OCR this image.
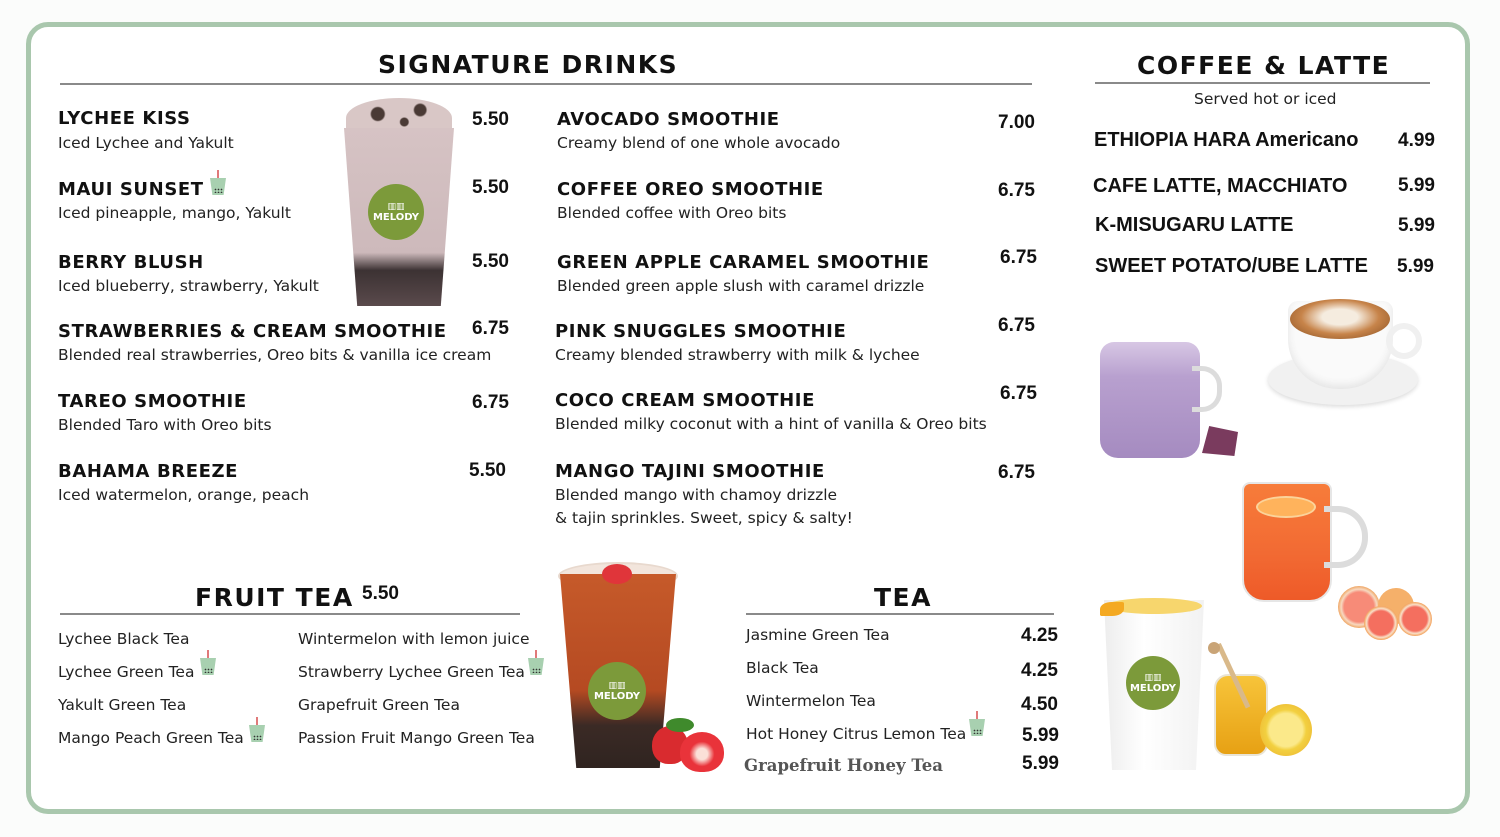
SIGNATURE DRINKS
LYCHEE KISS
Iced Lychee and Yakult
5.50
MAUI SUNSET
Iced pineapple, mango, Yakult
5.50
BERRY BLUSH
Iced blueberry, strawberry, Yakult
5.50
STRAWBERRIES & CREAM SMOOTHIE
Blended real strawberries, Oreo bits & vanilla ice cream
6.75
TAREO SMOOTHIE
Blended Taro with Oreo bits
6.75
BAHAMA BREEZE
Iced watermelon, orange, peach
5.50
▥▥
MELODY
AVOCADO SMOOTHIE
Creamy blend of one whole avocado
7.00
COFFEE OREO SMOOTHIE
Blended coffee with Oreo bits
6.75
GREEN APPLE CARAMEL SMOOTHIE
Blended green apple slush with caramel drizzle
6.75
PINK SNUGGLES SMOOTHIE
Creamy blended strawberry with milk & lychee
6.75
COCO CREAM SMOOTHIE
Blended milky coconut with a hint of vanilla & Oreo bits
6.75
MANGO TAJINI SMOOTHIE
Blended mango with chamoy drizzle
& tajin sprinkles. Sweet, spicy & salty!
6.75
COFFEE & LATTE
Served hot or iced
ETHIOPIA HARA Americano 4.99
CAFE LATTE, MACCHIATO	5.99
K-MISUGARU LATTE	5.99
SWEET POTATO/UBE LATTE 5.99
▥▥
MELODY
FRUIT TEA 5.50
Lychee Black Tea
Lychee Green Tea
Yakult Green Tea
Mango Peach Green Tea
Wintermelon with lemon juice
Strawberry Lychee Green Tea
Grapefruit Green Tea
Passion Fruit Mango Green Tea
▥▥
MELODY
TEA
Jasmine Green Tea	4.25
Black Tea	4.25
Wintermelon Tea	4.50
Hot Honey Citrus Lemon Tea	5.99
Grapefruit Honey Tea	5.99
